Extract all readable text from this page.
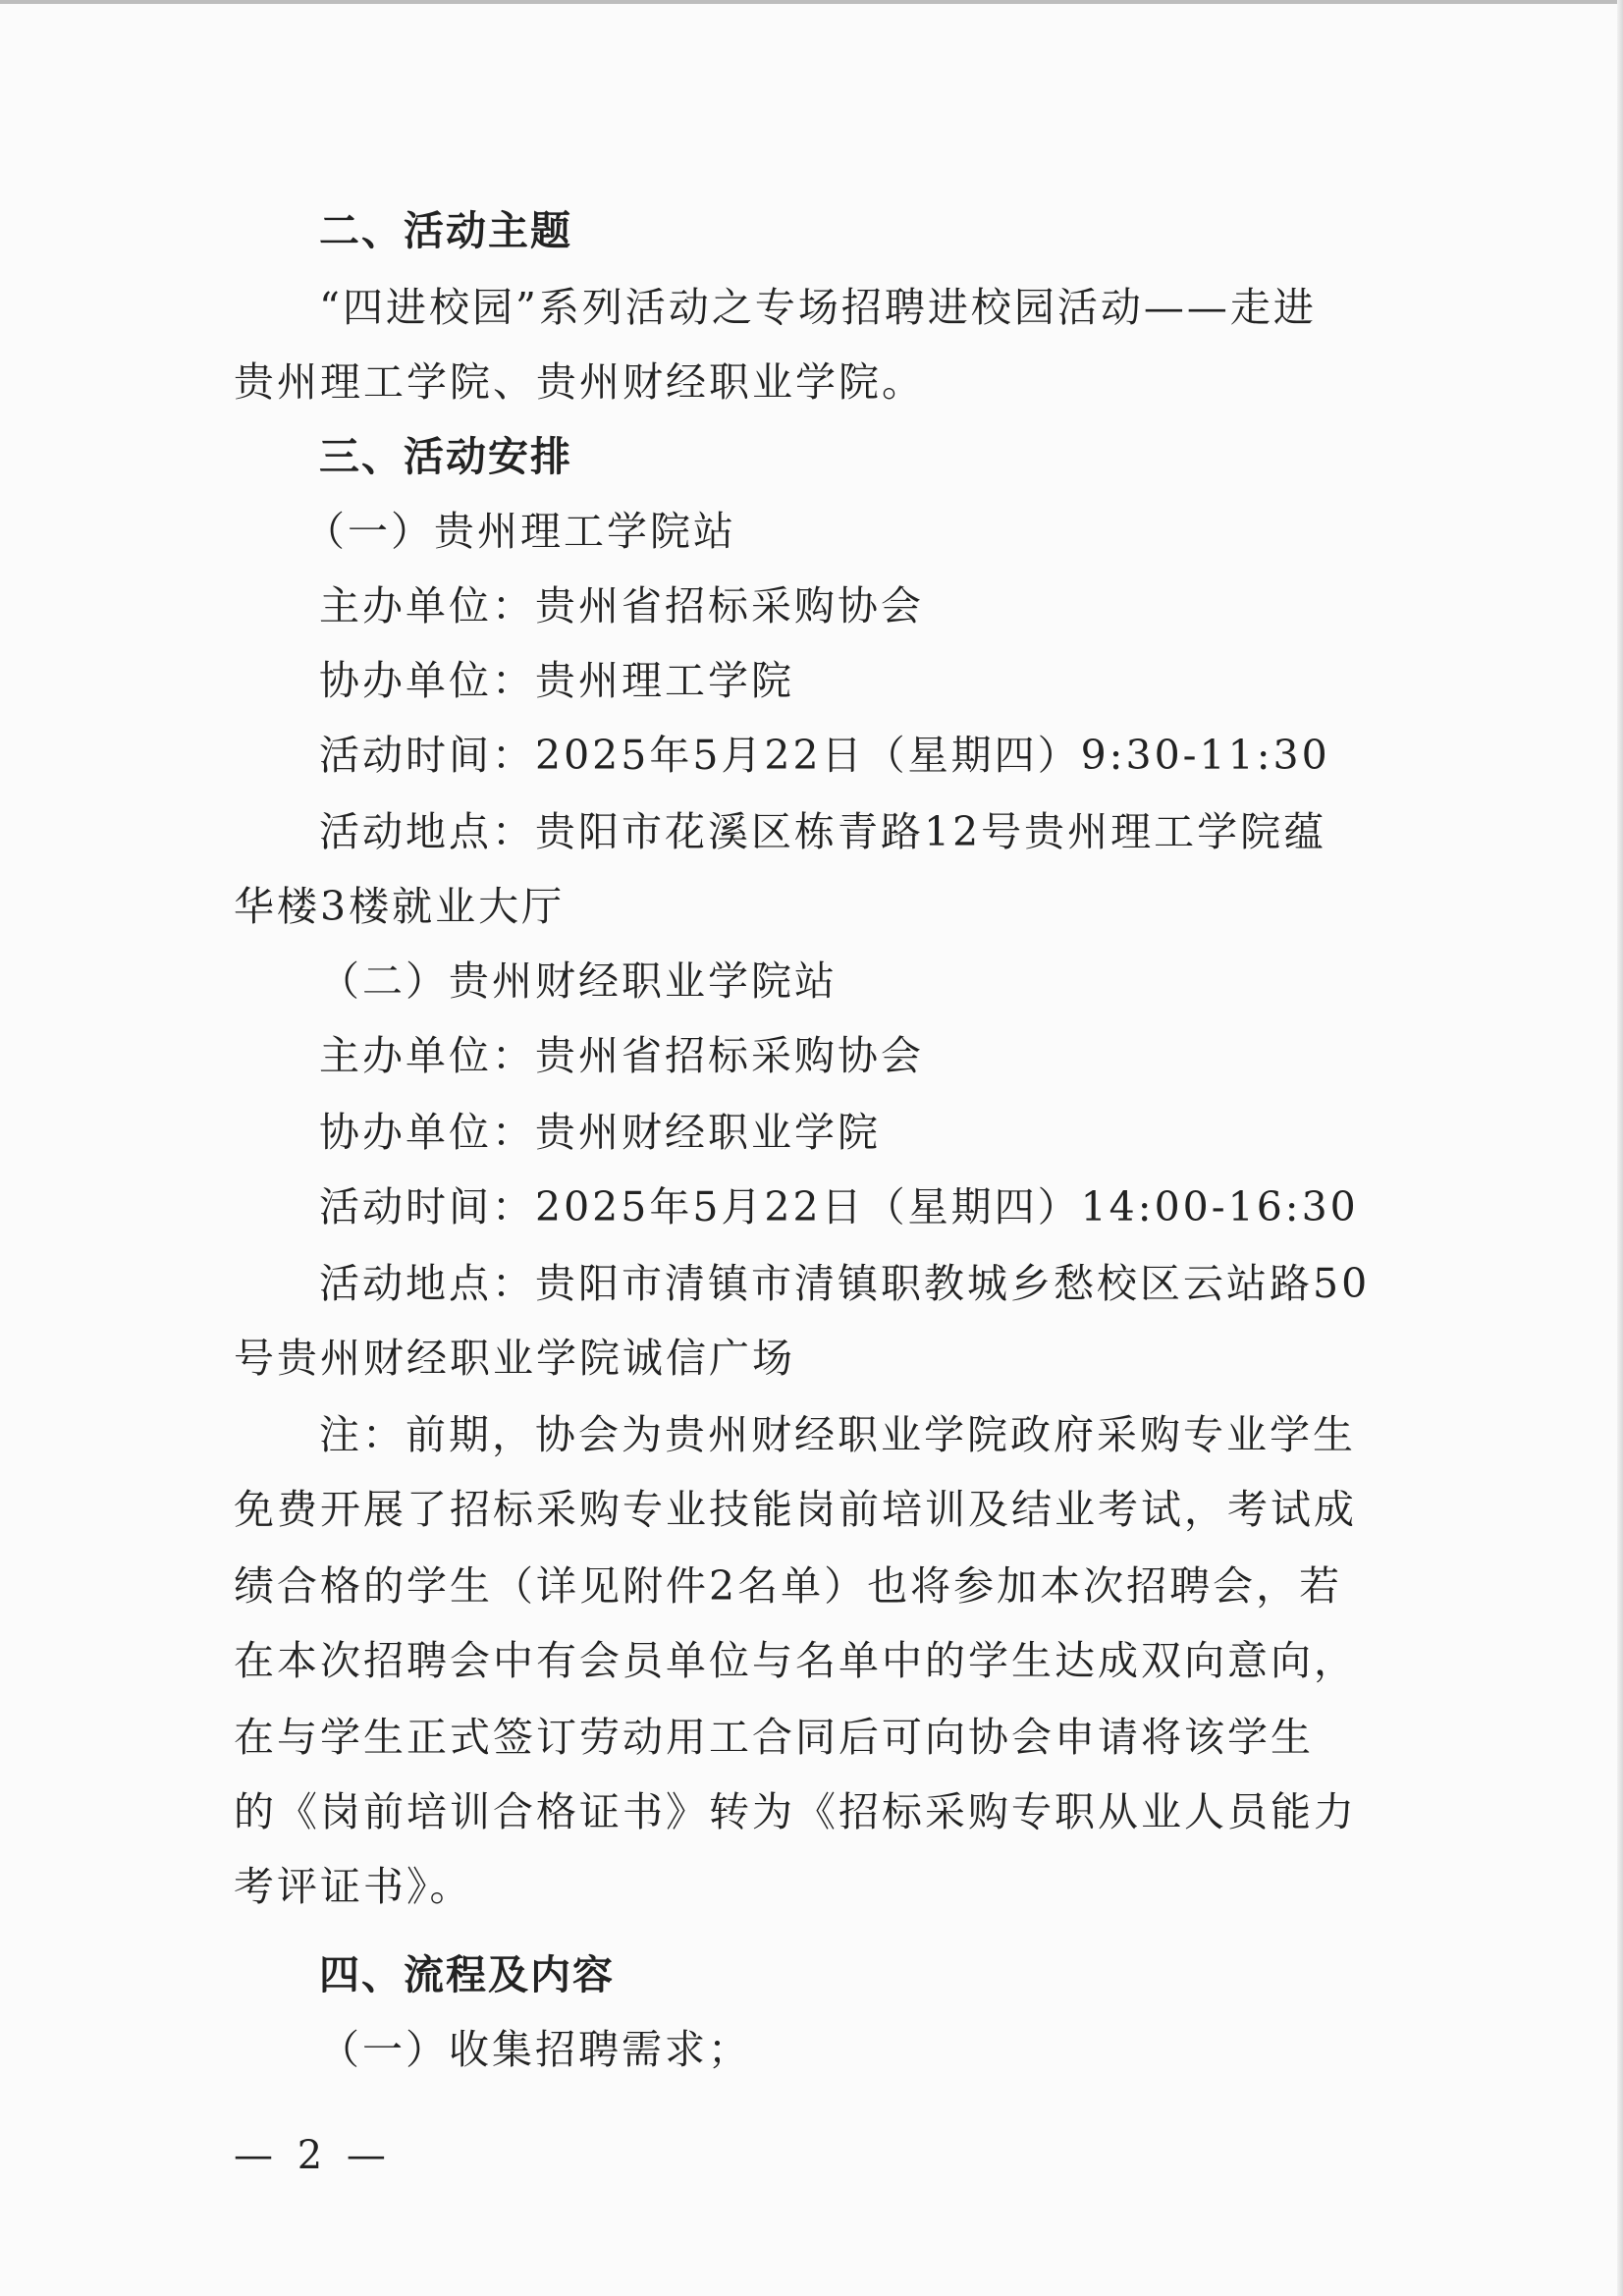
二、活动主题
“四进校园”系列活动之专场招聘进校园活动——走进
贵州理工学院、贵州财经职业学院。
三、活动安排
（一）贵州理工学院站
主办单位：贵州省招标采购协会
协办单位：贵州理工学院
活动时间：2025年5月22日（星期四）9:30-11:30
活动地点：贵阳市花溪区栋青路12号贵州理工学院蕴
华楼3楼就业大厅
（二）贵州财经职业学院站
主办单位：贵州省招标采购协会
协办单位：贵州财经职业学院
活动时间：2025年5月22日（星期四）14:00-16:30
活动地点：贵阳市清镇市清镇职教城乡愁校区云站路50
号贵州财经职业学院诚信广场
注：前期，协会为贵州财经职业学院政府采购专业学生
免费开展了招标采购专业技能岗前培训及结业考试，考试成
绩合格的学生（详见附件2名单）也将参加本次招聘会，若
在本次招聘会中有会员单位与名单中的学生达成双向意向，
在与学生正式签订劳动用工合同后可向协会申请将该学生
的《岗前培训合格证书》转为《招标采购专职从业人员能力
考评证书》。
四、流程及内容
（一）收集招聘需求；
— 2 —
